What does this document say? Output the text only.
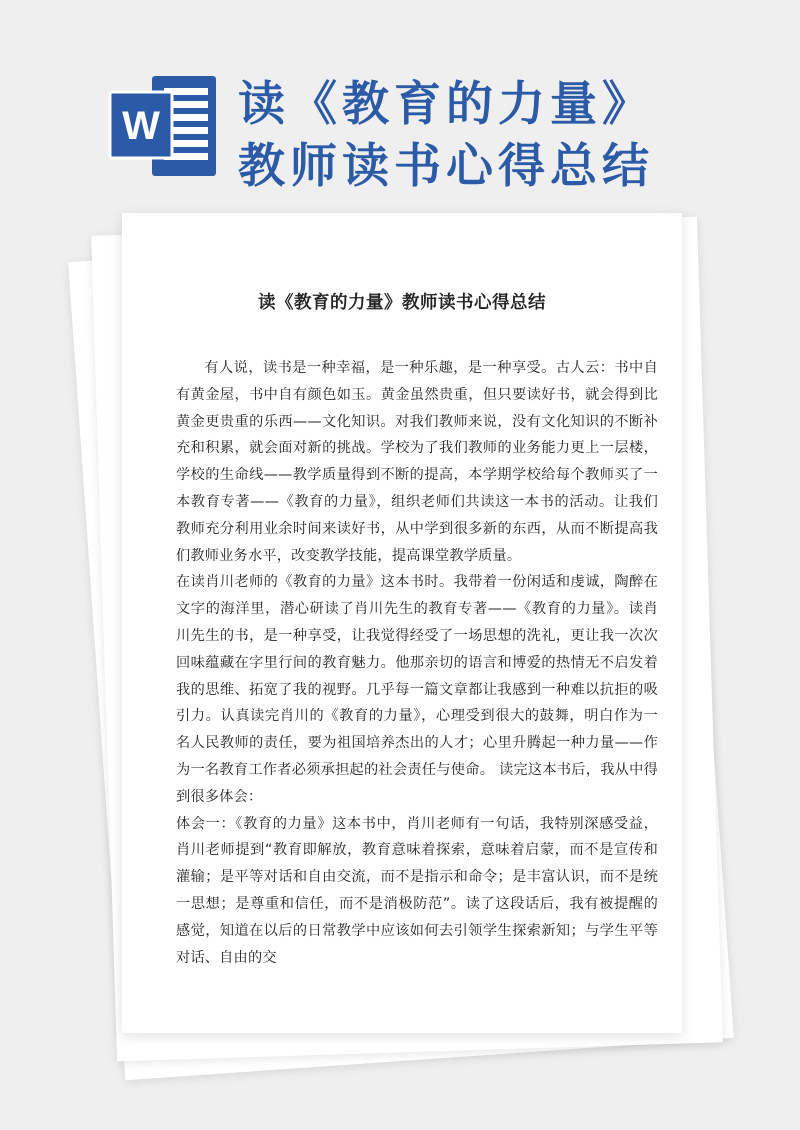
W 读《教育的力量》
教师读书心得总结
读《教育的力量》教师读书心得总结

有人说，读书是一种幸福，是一种乐趣，是一种享受。古人云：书中自有黄金屋，书中自有颜色如玉。黄金虽然贵重，但只要读好书，就会得到比黄金更贵重的乐西——文化知识。对我们教师来说，没有文化知识的不断补充和积累，就会面对新的挑战。学校为了我们教师的业务能力更上一层楼，学校的生命线——教学质量得到不断的提高，本学期学校给每个教师买了一本教育专著——《教育的力量》，组织老师们共读这一本书的活动。让我们教师充分利用业余时间来读好书，从中学到很多新的东西，从而不断提高我们教师业务水平，改变教学技能，提高课堂教学质量。

在读肖川老师的《教育的力量》这本书时。我带着一份闲适和虔诚，陶醉在文字的海洋里，潜心研读了肖川先生的教育专著——《教育的力量》。读肖川先生的书，是一种享受，让我觉得经受了一场思想的洗礼，更让我一次次回味蕴藏在字里行间的教育魅力。他那亲切的语言和博爱的热情无不启发着我的思维、拓宽了我的视野。几乎每一篇文章都让我感到一种难以抗拒的吸引力。认真读完肖川的《教育的力量》，心理受到很大的鼓舞，明白作为一名人民教师的责任，要为祖国培养杰出的人才；心里升腾起一种力量——作为一名教育工作者必须承担起的社会责任与使命。 读完这本书后，我从中得到很多体会：

体会一：《教育的力量》这本书中，肖川老师有一句话，我特别深感受益，肖川老师提到“教育即解放，教育意味着探索，意味着启蒙，而不是宣传和灌输；是平等对话和自由交流，而不是指示和命令；是丰富认识，而不是统一思想；是尊重和信任，而不是消极防范”。读了这段话后，我有被提醒的感觉，知道在以后的日常教学中应该如何去引领学生探索新知；与学生平等对话、自由的交
